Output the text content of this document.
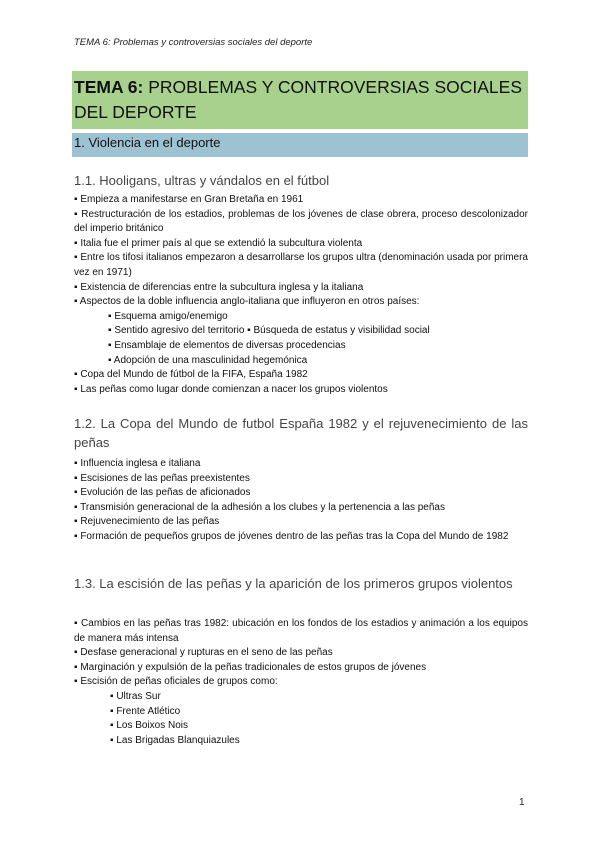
TEMA 6: Problemas y controversias sociales del deporte
TEMA 6: PROBLEMAS Y CONTROVERSIAS SOCIALES DEL DEPORTE
1. Violencia en el deporte
1.1. Hooligans, ultras y vándalos en el fútbol
▪ Empieza a manifestarse en Gran Bretaña en 1961
▪ Restructuración de los estadios, problemas de los jóvenes de clase obrera, proceso descolonizador del imperio británico
▪ Italia fue el primer país al que se extendió la subcultura violenta
▪ Entre los tifosi italianos empezaron a desarrollarse los grupos ultra (denominación usada por primera vez en 1971)
▪ Existencia de diferencias entre la subcultura inglesa y la italiana
▪ Aspectos de la doble influencia anglo-italiana que influyeron en otros países:
▪ Esquema amigo/enemigo
▪ Sentido agresivo del territorio ▪ Búsqueda de estatus y visibilidad social
▪ Ensamblaje de elementos de diversas procedencias
▪ Adopción de una masculinidad hegemónica
▪ Copa del Mundo de fútbol de la FIFA, España 1982
▪ Las peñas como lugar donde comienzan a nacer los grupos violentos
1.2. La Copa del Mundo de futbol España 1982 y el rejuvenecimiento de las peñas
▪ Influencia inglesa e italiana
▪ Escisiones de las peñas preexistentes
▪ Evolución de las peñas de aficionados
▪ Transmisión generacional de la adhesión a los clubes y la pertenencia a las peñas
▪ Rejuvenecimiento de las peñas
▪ Formación de pequeños grupos de jóvenes dentro de las peñas tras la Copa del Mundo de 1982
1.3. La escisión de las peñas y la aparición de los primeros grupos violentos
▪ Cambios en las peñas tras 1982: ubicación en los fondos de los estadios y animación a los equipos de manera más intensa
▪ Desfase generacional y rupturas en el seno de las peñas
▪ Marginación y expulsión de la peñas tradicionales de estos grupos de jóvenes
▪ Escisión de peñas oficiales de grupos como:
▪ Ultras Sur
▪ Frente Atlético
▪ Los Boixos Nois
▪ Las Brigadas Blanquiazules
1
